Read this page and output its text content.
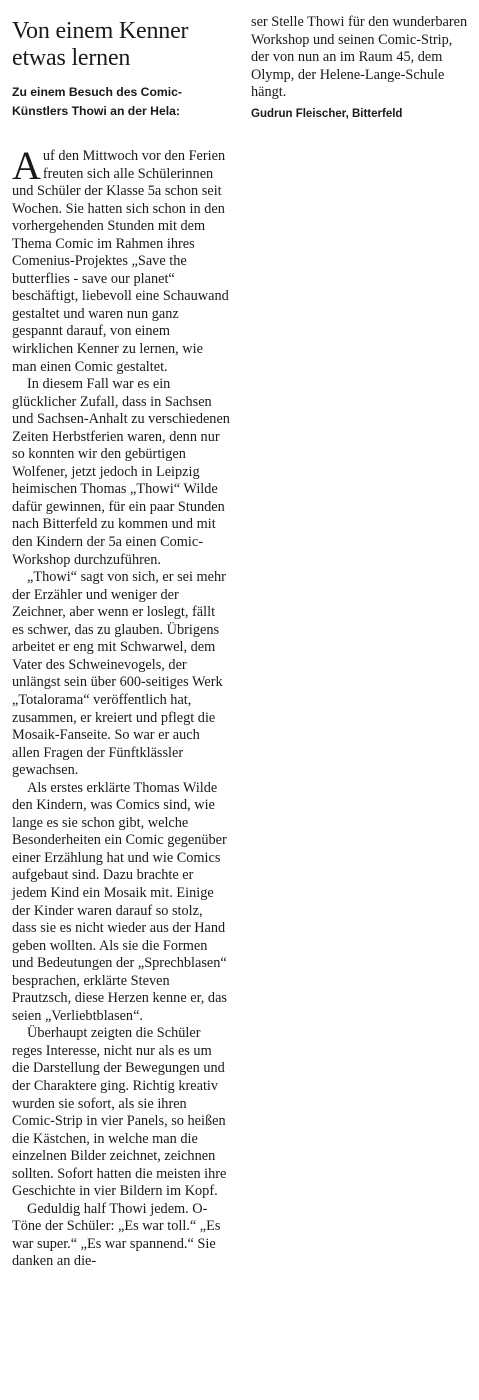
Von einem Kenner etwas lernen
Zu einem Besuch des Comic-Künstlers Thowi an der Hela:

Auf den Mittwoch vor den Ferien freuten sich alle Schülerinnen und Schüler der Klasse 5a schon seit Wochen. Sie hatten sich schon in den vorhergehenden Stunden mit dem Thema Comic im Rahmen ihres Comenius-Projektes „Save the butterflies - save our planet“ beschäftigt, liebevoll eine Schauwand gestaltet und waren nun ganz gespannt darauf, von einem wirklichen Kenner zu lernen, wie man einen Comic gestaltet.

In diesem Fall war es ein glücklicher Zufall, dass in Sachsen und Sachsen-Anhalt zu verschiedenen Zeiten Herbstferien waren, denn nur so konnten wir den gebürtigen Wolfener, jetzt jedoch in Leipzig heimischen Thomas „Thowi“ Wilde dafür gewinnen, für ein paar Stunden nach Bitterfeld zu kommen und mit den Kindern der 5a einen Comic-Workshop durchzuführen.

„Thowi“ sagt von sich, er sei mehr der Erzähler und weniger der Zeichner, aber wenn er loslegt, fällt es schwer, das zu glauben. Übrigens arbeitet er eng mit Schwarwel, dem Vater des Schweinevogels, der unlängst sein über 600-seitiges Werk „Totalorama“ veröffentlich hat, zusammen, er kreiert und pflegt die Mosaik-Fanseite. So war er auch allen Fragen der Fünftklässler gewachsen.

Als erstes erklärte Thomas Wilde den Kindern, was Comics sind, wie lange es sie schon gibt, welche Besonderheiten ein Comic gegenüber einer Erzählung hat und wie Comics aufgebaut sind. Dazu brachte er jedem Kind ein Mosaik mit. Einige der Kinder waren darauf so stolz, dass sie es nicht wieder aus der Hand geben wollten. Als sie die Formen und Bedeutungen der „Sprechblasen“ besprachen, erklärte Steven Prautzsch, diese Herzen kenne er, das seien „Verliebtblasen“.

Überhaupt zeigten die Schüler reges Interesse, nicht nur als es um die Darstellung der Bewegungen und der Charaktere ging. Richtig kreativ wurden sie sofort, als sie ihren Comic-Strip in vier Panels, so heißen die Kästchen, in welche man die einzelnen Bilder zeichnet, zeichnen sollten. Sofort hatten die meisten ihre Geschichte in vier Bildern im Kopf.

Geduldig half Thowi jedem. O-Töne der Schüler: „Es war toll.“ „Es war super.“ „Es war spannend.“ Sie danken an die-

ser Stelle Thowi für den wunderbaren Workshop und seinen Comic-Strip, der von nun an im Raum 45, dem Olymp, der Helene-Lange-Schule hängt.
Gudrun Fleischer, Bitterfeld
